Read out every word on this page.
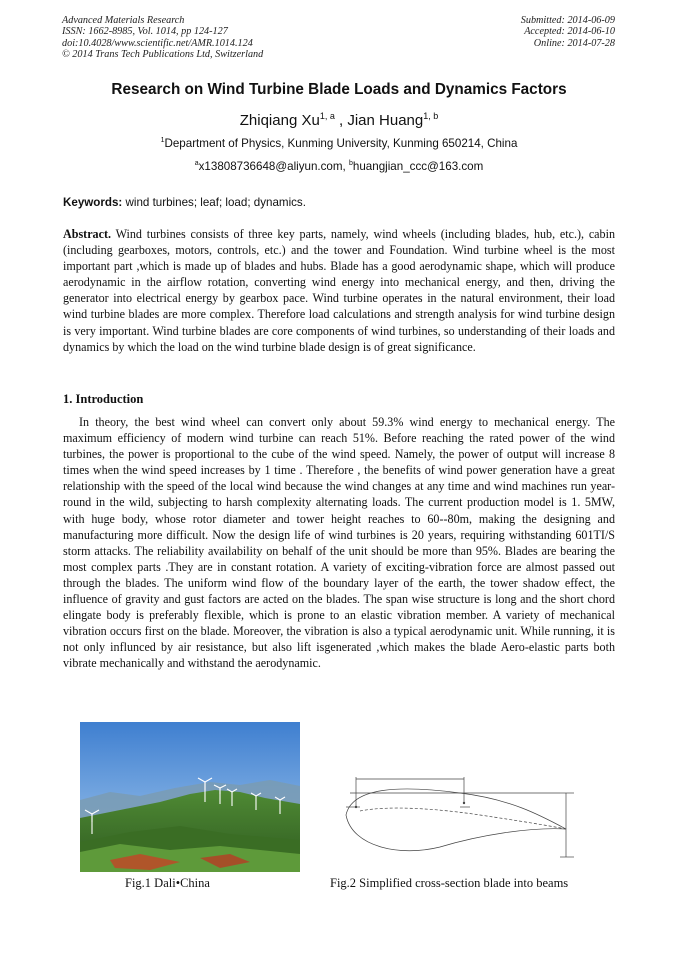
Advanced Materials Research
ISSN: 1662-8985, Vol. 1014, pp 124-127
doi:10.4028/www.scientific.net/AMR.1014.124
© 2014 Trans Tech Publications Ltd, Switzerland
Submitted: 2014-06-09
Accepted: 2014-06-10
Online: 2014-07-28
Research on Wind Turbine Blade Loads and Dynamics Factors
Zhiqiang Xu$^{1, a}$ , Jian Huang$^{1, b}$
$^1$Department of Physics, Kunming University, Kunming 650214, China
$^a$x13808736648@aliyun.com, $^b$huangjian_ccc@163.com
Keywords: wind turbines; leaf; load; dynamics.
Abstract. Wind turbines consists of three key parts, namely, wind wheels (including blades, hub, etc.), cabin (including gearboxes, motors, controls, etc.) and the tower and Foundation. Wind turbine wheel is the most important part ,which is made up of blades and hubs. Blade has a good aerodynamic shape, which will produce aerodynamic in the airflow rotation, converting wind energy into mechanical energy, and then, driving the generator into electrical energy by gearbox pace. Wind turbine operates in the natural environment, their load wind turbine blades are more complex. Therefore load calculations and strength analysis for wind turbine design is very important. Wind turbine blades are core components of wind turbines, so understanding of their loads and dynamics by which the load on the wind turbine blade design is of great significance.
1. Introduction
In theory, the best wind wheel can convert only about 59.3% wind energy to mechanical energy. The maximum efficiency of modern wind turbine can reach 51%. Before reaching the rated power of the wind turbines, the power is proportional to the cube of the wind speed. Namely, the power of output will increase 8 times when the wind speed increases by 1 time . Therefore , the benefits of wind power generation have a great relationship with the speed of the local wind because the wind changes at any time and wind machines run year-round in the wild, subjecting to harsh complexity alternating loads. The current production model is 1. 5MW, with huge body, whose rotor diameter and tower height reaches to 60--80m, making the designing and manufacturing more difficult. Now the design life of wind turbines is 20 years, requiring withstanding 601TI/S storm attacks. The reliability availability on behalf of the unit should be more than 95%. Blades are bearing the most complex parts .They are in constant rotation. A variety of exciting-vibration force are almost passed out through the blades. The uniform wind flow of the boundary layer of the earth, the tower shadow effect, the influence of gravity and gust factors are acted on the blades. The span wise structure is long and the short chord elingate body is preferably flexible, which is prone to an elastic vibration member. A variety of mechanical vibration occurs first on the blade. Moreover, the vibration is also a typical aerodynamic unit. While running, it is not only influnced by air resistance, but also lift isgenerated ,which makes the blade Aero-elastic parts both vibrate mechanically and withstand the aerodynamic.
Fig.1 Dali•China	Fig.2 Simplified cross-section blade into beams
